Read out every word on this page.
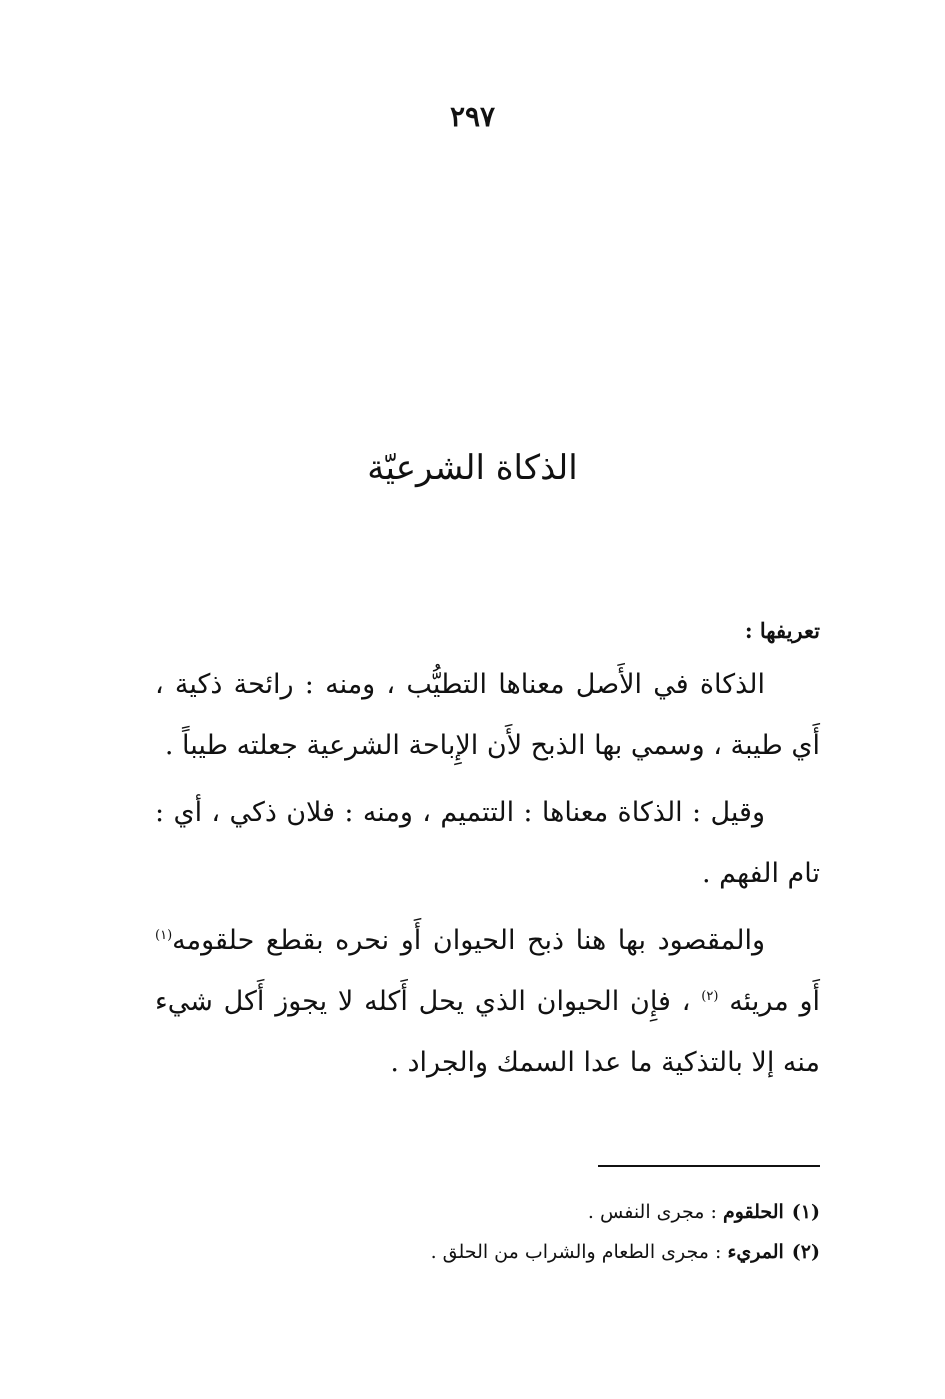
٢٩٧
الذكاة الشرعيّة
تعريفها :

الذكاة في الأَصل معناها التطيُّب ، ومنه : رائحة ذكية ، أَي طيبة ، وسمي بها الذبح لأَن الإِباحة الشرعية جعلته طيباً .

وقيل : الذكاة معناها : التتميم ، ومنه : فلان ذكي ، أي : تام الفهم .

والمقصود بها هنا ذبح الحيوان أَو نحره بقطع حلقومه$^{(١)}$ أَو مريئه $^{(٢)}$ ، فإِن الحيوان الذي يحل أَكله لا يجوز أَكل شيء منه إلا بالتذكية ما عدا السمك والجراد .

(١)الحلقوم : مجرى النفس .

(٢)المريء : مجرى الطعام والشراب من الحلق .
